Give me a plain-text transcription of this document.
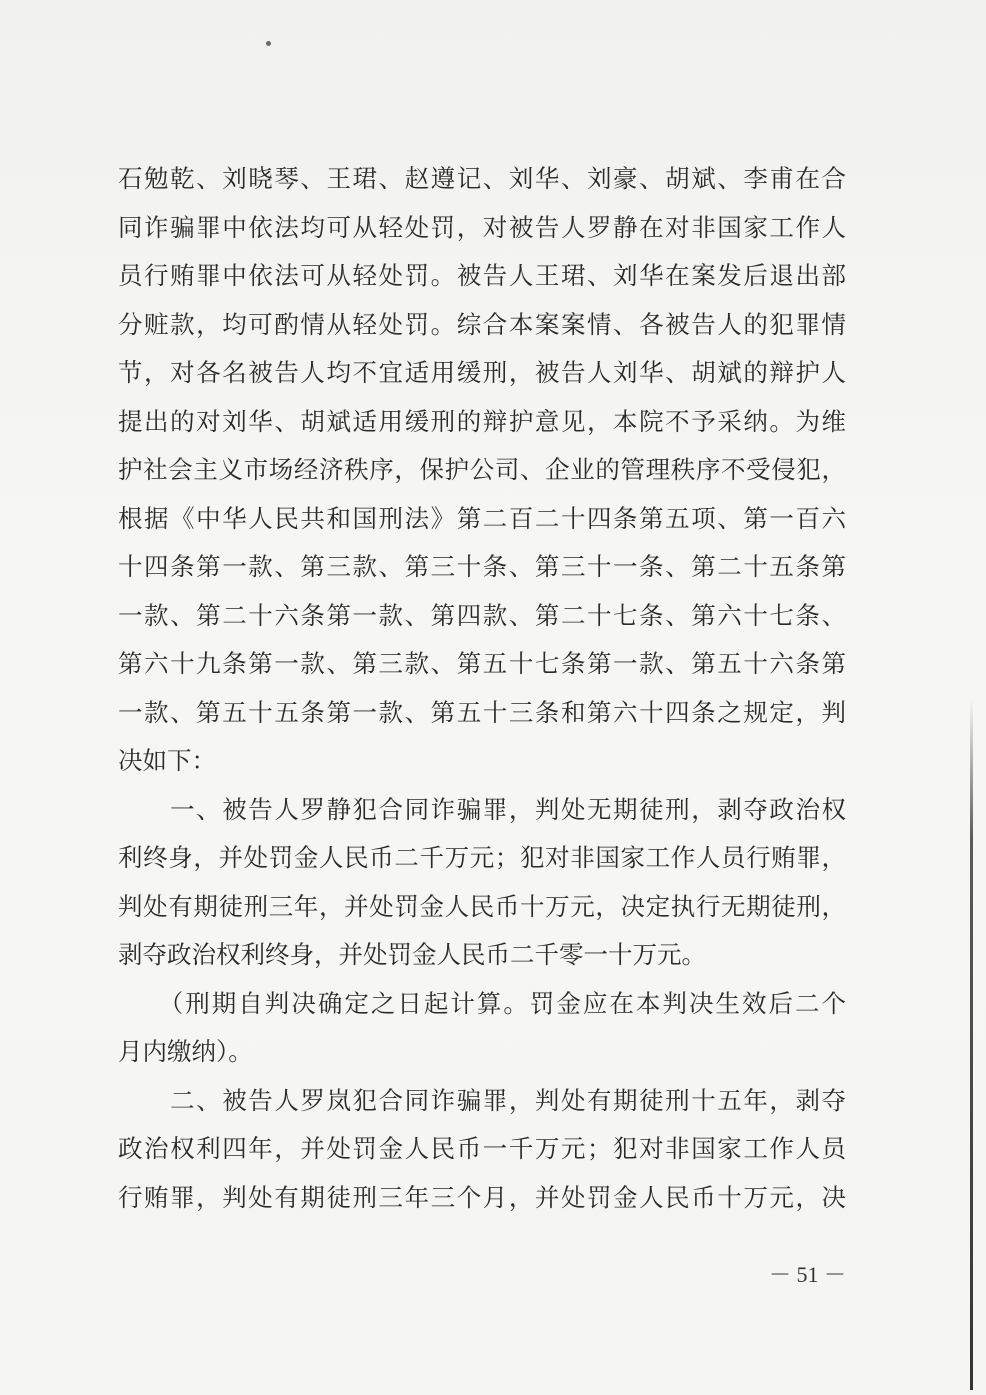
石勉乾、刘晓琴、王珺、赵遵记、刘华、刘豪、胡斌、李甫在合
同诈骗罪中依法均可从轻处罚，对被告人罗静在对非国家工作人
员行贿罪中依法可从轻处罚。被告人王珺、刘华在案发后退出部
分赃款，均可酌情从轻处罚。综合本案案情、各被告人的犯罪情
节，对各名被告人均不宜适用缓刑，被告人刘华、胡斌的辩护人
提出的对刘华、胡斌适用缓刑的辩护意见，本院不予采纳。为维
护社会主义市场经济秩序，保护公司、企业的管理秩序不受侵犯，
根据《中华人民共和国刑法》第二百二十四条第五项、第一百六
十四条第一款、第三款、第三十条、第三十一条、第二十五条第
一款、第二十六条第一款、第四款、第二十七条、第六十七条、
第六十九条第一款、第三款、第五十七条第一款、第五十六条第
一款、第五十五条第一款、第五十三条和第六十四条之规定，判
决如下：
　　一、被告人罗静犯合同诈骗罪，判处无期徒刑，剥夺政治权
利终身，并处罚金人民币二千万元；犯对非国家工作人员行贿罪，
判处有期徒刑三年，并处罚金人民币十万元，决定执行无期徒刑，
剥夺政治权利终身，并处罚金人民币二千零一十万元。
　　（刑期自判决确定之日起计算。罚金应在本判决生效后二个
月内缴纳）。
　　二、被告人罗岚犯合同诈骗罪，判处有期徒刑十五年，剥夺
政治权利四年，并处罚金人民币一千万元；犯对非国家工作人员
行贿罪，判处有期徒刑三年三个月，并处罚金人民币十万元，决
－ 51 －
